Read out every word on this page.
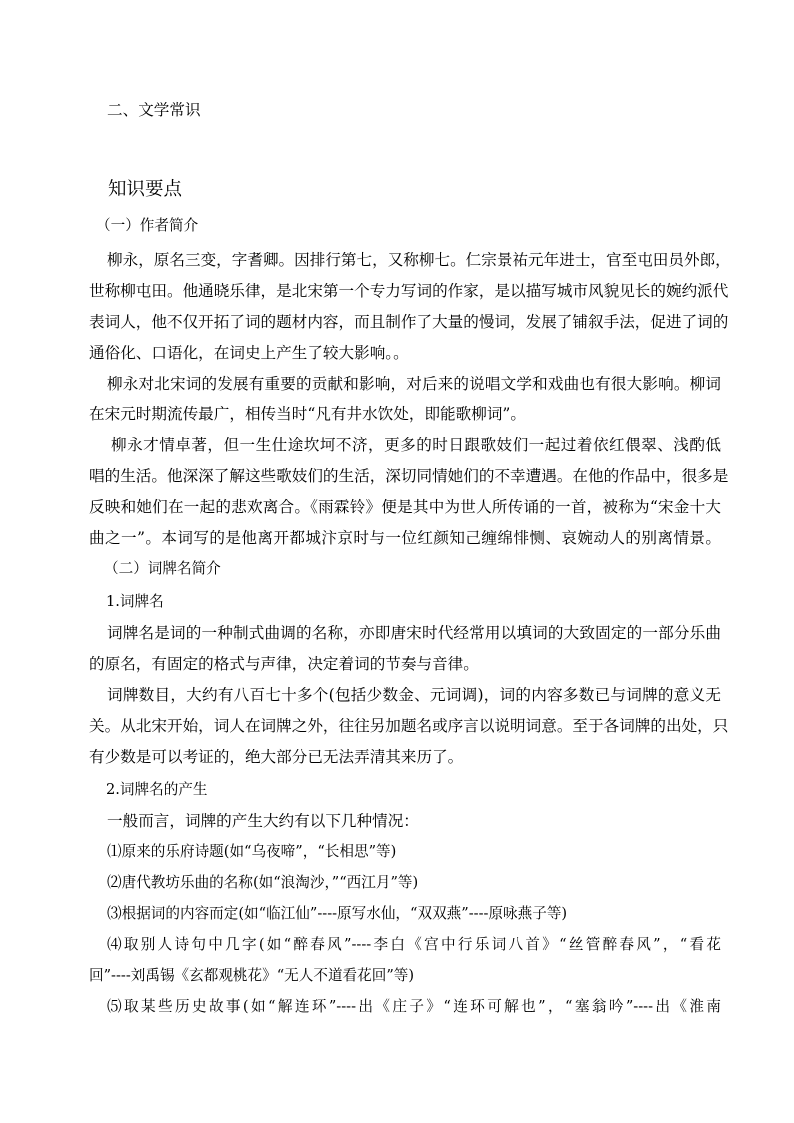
二、文学常识
知识要点
（一）作者简介
柳永，原名三变，字耆卿。因排行第七，又称柳七。仁宗景祐元年进士，官至屯田员外郎，
世称柳屯田。他通晓乐律，是北宋第一个专力写词的作家，是以描写城市风貌见长的婉约派代
表词人，他不仅开拓了词的题材内容，而且制作了大量的慢词，发展了铺叙手法，促进了词的
通俗化、口语化，在词史上产生了较大影响。。
柳永对北宋词的发展有重要的贡献和影响，对后来的说唱文学和戏曲也有很大影响。柳词
在宋元时期流传最广，相传当时“凡有井水饮处，即能歌柳词”。
柳永才情卓著，但一生仕途坎坷不济，更多的时日跟歌妓们一起过着依红偎翠、浅酌低
唱的生活。他深深了解这些歌妓们的生活，深切同情她们的不幸遭遇。在他的作品中，很多是
反映和她们在一起的悲欢离合。《雨霖铃》便是其中为世人所传诵的一首，被称为“宋金十大
曲之一”。本词写的是他离开都城汴京时与一位红颜知己缠绵悱恻、哀婉动人的别离情景。
（二）词牌名简介
1.词牌名
词牌名是词的一种制式曲调的名称，亦即唐宋时代经常用以填词的大致固定的一部分乐曲
的原名，有固定的格式与声律，决定着词的节奏与音律。
词牌数目，大约有八百七十多个(包括少数金、元词调)，词的内容多数已与词牌的意义无
关。从北宋开始，词人在词牌之外，往往另加题名或序言以说明词意。至于各词牌的出处，只
有少数是可以考证的，绝大部分已无法弄清其来历了。
2.词牌名的产生
一般而言，词牌的产生大约有以下几种情况：
⑴原来的乐府诗题(如“乌夜啼”，“长相思”等)
⑵唐代教坊乐曲的名称(如“浪淘沙，”“西江月”等)
⑶根据词的内容而定(如“临江仙”----原写水仙，“双双燕”----原咏燕子等)
⑷取别人诗句中几字(如“醉春风”----李白《宫中行乐词八首》“丝管醉春风”，“看花
回”----刘禹锡《玄都观桃花》“无人不道看花回”等)
⑸取某些历史故事(如“解连环”----出《庄子》“连环可解也”，“塞翁吟”----出《淮南
